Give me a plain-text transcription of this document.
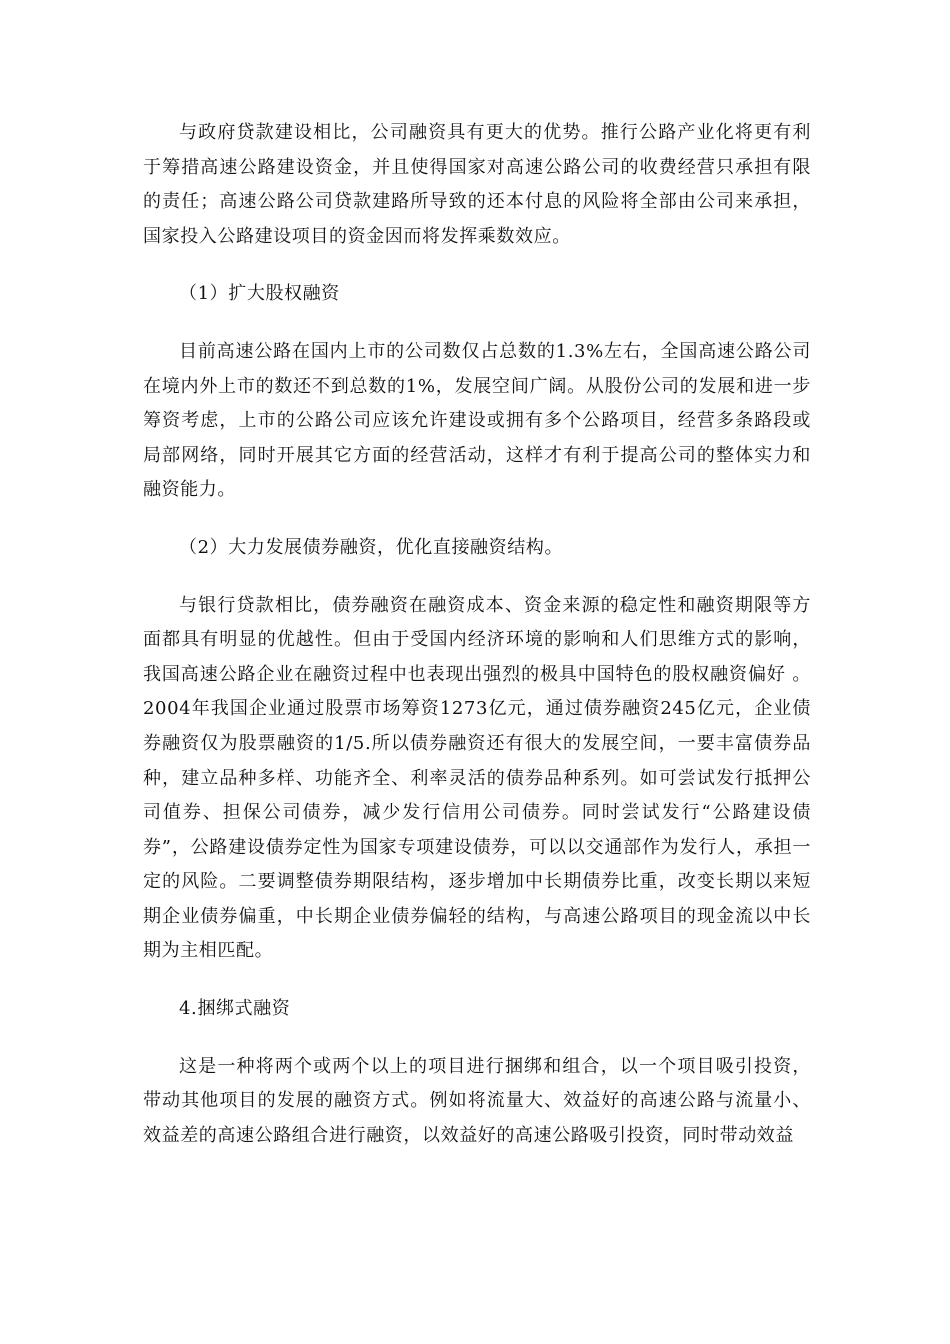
与政府贷款建设相比，公司融资具有更大的优势。推行公路产业化将更有利于筹措高速公路建设资金，并且使得国家对高速公路公司的收费经营只承担有限的责任；高速公路公司贷款建路所导致的还本付息的风险将全部由公司来承担，国家投入公路建设项目的资金因而将发挥乘数效应。

（1）扩大股权融资

目前高速公路在国内上市的公司数仅占总数的1.3%左右，全国高速公路公司在境内外上市的数还不到总数的1%，发展空间广阔。从股份公司的发展和进一步筹资考虑，上市的公路公司应该允许建设或拥有多个公路项目，经营多条路段或局部网络，同时开展其它方面的经营活动，这样才有利于提高公司的整体实力和融资能力。

（2）大力发展债券融资，优化直接融资结构。

与银行贷款相比，债券融资在融资成本、资金来源的稳定性和融资期限等方面都具有明显的优越性。但由于受国内经济环境的影响和人们思维方式的影响，我国高速公路企业在融资过程中也表现出强烈的极具中国特色的股权融资偏好 。2004年我国企业通过股票市场筹资1273亿元，通过债券融资245亿元，企业债券融资仅为股票融资的1/5.所以债券融资还有很大的发展空间，一要丰富债券品种，建立品种多样、功能齐全、利率灵活的债券品种系列。如可尝试发行抵押公司值券、担保公司债券，减少发行信用公司债券。同时尝试发行“公路建设债券”，公路建设债券定性为国家专项建设债券，可以以交通部作为发行人，承担一定的风险。二要调整债券期限结构，逐步增加中长期债券比重，改变长期以来短期企业债券偏重，中长期企业债券偏轻的结构，与高速公路项目的现金流以中长期为主相匹配。

4.捆绑式融资

这是一种将两个或两个以上的项目进行捆绑和组合，以一个项目吸引投资，带动其他项目的发展的融资方式。例如将流量大、效益好的高速公路与流量小、效益差的高速公路组合进行融资，以效益好的高速公路吸引投资，同时带动效益
